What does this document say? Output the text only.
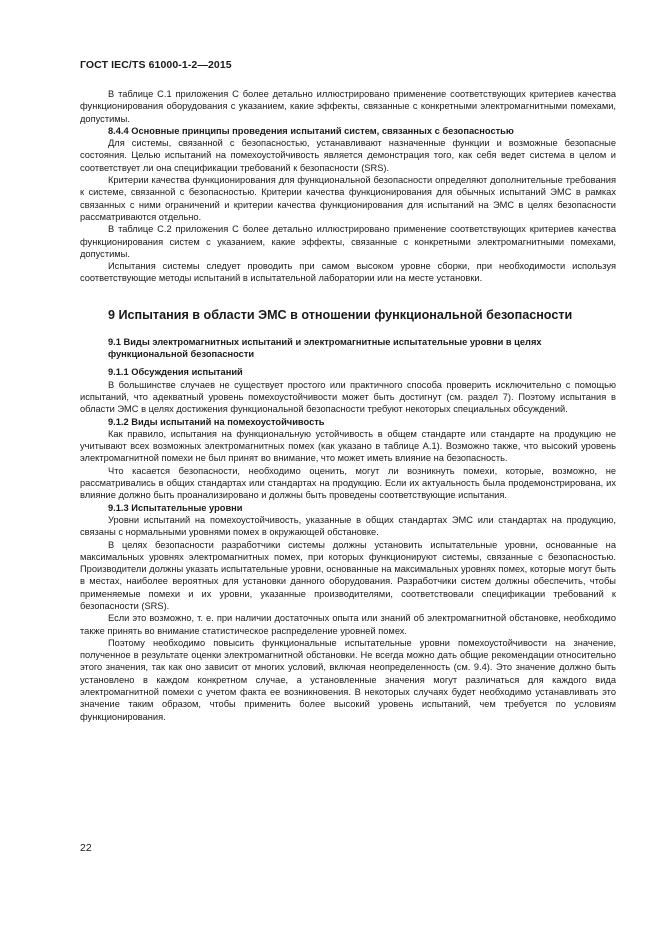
ГОСТ IEC/TS 61000-1-2—2015

В таблице С.1 приложения С более детально иллюстрировано применение соответствующих критериев качества функционирования оборудования с указанием, какие эффекты, связанные с конкретными электромагнитными помехами, допустимы.

8.4.4 Основные принципы проведения испытаний систем, связанных с безопасностью

Для системы, связанной с безопасностью, устанавливают назначенные функции и возможные безопасные состояния. Целью испытаний на помехоустойчивость является демонстрация того, как себя ведет система в целом и соответствует ли она спецификации требований к безопасности (SRS).

Критерии качества функционирования для функциональной безопасности определяют дополнительные требования к системе, связанной с безопасностью. Критерии качества функционирования для обычных испытаний ЭМС в рамках связанных с ними ограничений и критерии качества функционирования для испытаний на ЭМС в целях безопасности рассматриваются отдельно.

В таблице С.2 приложения С более детально иллюстрировано применение соответствующих критериев качества функционирования систем с указанием, какие эффекты, связанные с конкретными электромагнитными помехами, допустимы.

Испытания системы следует проводить при самом высоком уровне сборки, при необходимости используя соответствующие методы испытаний в испытательной лаборатории или на месте установки.

9 Испытания в области ЭМС в отношении функциональной безопасности

9.1 Виды электромагнитных испытаний и электромагнитные испытательные уровни в целях функциональной безопасности

9.1.1 Обсуждения испытаний

В большинстве случаев не существует простого или практичного способа проверить исключительно с помощью испытаний, что адекватный уровень помехоустойчивости может быть достигнут (см. раздел 7). Поэтому испытания в области ЭМС в целях достижения функциональной безопасности требуют некоторых специальных обсуждений.

9.1.2 Виды испытаний на помехоустойчивость

Как правило, испытания на функциональную устойчивость в общем стандарте или стандарте на продукцию не учитывают всех возможных электромагнитных помех (как указано в таблице А.1). Возможно также, что высокий уровень электромагнитной помехи не был принят во внимание, что может иметь влияние на безопасность.

Что касается безопасности, необходимо оценить, могут ли возникнуть помехи, которые, возможно, не рассматривались в общих стандартах или стандартах на продукцию. Если их актуальность была продемонстрирована, их влияние должно быть проанализировано и должны быть проведены соответствующие испытания.

9.1.3 Испытательные уровни

Уровни испытаний на помехоустойчивость, указанные в общих стандартах ЭМС или стандартах на продукцию, связаны с нормальными уровнями помех в окружающей обстановке.

В целях безопасности разработчики системы должны установить испытательные уровни, основанные на максимальных уровнях электромагнитных помех, при которых функционируют системы, связанные с безопасностью. Производители должны указать испытательные уровни, основанные на максимальных уровнях помех, которые могут быть в местах, наиболее вероятных для установки данного оборудования. Разработчики систем должны обеспечить, чтобы применяемые помехи и их уровни, указанные производителями, соответствовали спецификации требований к безопасности (SRS).

Если это возможно, т. е. при наличии достаточных опыта или знаний об электромагнитной обстановке, необходимо также принять во внимание статистическое распределение уровней помех.

Поэтому необходимо повысить функциональные испытательные уровни помехоустойчивости на значение, полученное в результате оценки электромагнитной обстановки. Не всегда можно дать общие рекомендации относительно этого значения, так как оно зависит от многих условий, включая неопределенность (см. 9.4). Это значение должно быть установлено в каждом конкретном случае, а установленные значения могут различаться для каждого вида электромагнитной помехи с учетом факта ее возникновения. В некоторых случаях будет необходимо устанавливать это значение таким образом, чтобы применить более высокий уровень испытаний, чем требуется по условиям функционирования.

22
